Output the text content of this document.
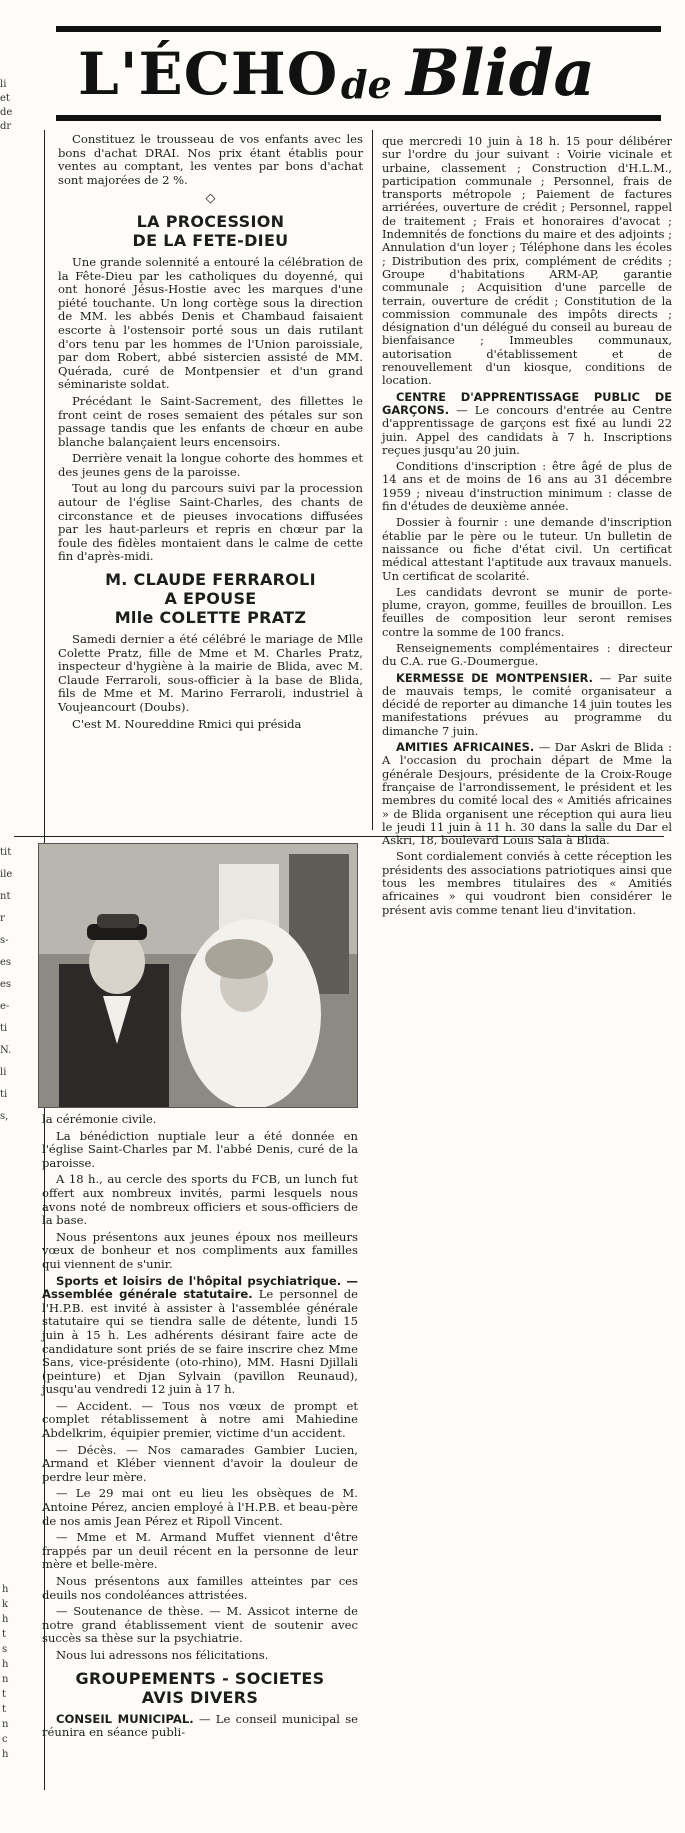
L'ÉCHO de Blida
li
et
de
dr
tit
ile
nt
r
s-
es
es
e-
ti
N.
li
ti
s,
h
k
h
t
s
h
n
t
t
n
c
h

Constituez le trousseau de vos enfants avec les bons d'achat DRAI. Nos prix étant établis pour ventes au comptant, les ventes par bons d'achat sont majorées de 2 %.

◇
LA PROCESSION
DE LA FETE-DIEU

Une grande solennité a entouré la célébration de la Fête-Dieu par les catholiques du doyenné, qui ont honoré Jésus-Hostie avec les marques d'une piété touchante. Un long cortège sous la direction de MM. les abbés Denis et Chambaud faisaient escorte à l'ostensoir porté sous un dais rutilant d'ors tenu par les hommes de l'Union paroissiale, par dom Robert, abbé sistercien assisté de MM. Quérada, curé de Montpensier et d'un grand séminariste soldat.

Précédant le Saint-Sacrement, des fillettes le front ceint de roses semaient des pétales sur son passage tandis que les enfants de chœur en aube blanche balançaient leurs encensoirs.

Derrière venait la longue cohorte des hommes et des jeunes gens de la paroisse.

Tout au long du parcours suivi par la procession autour de l'église Saint-Charles, des chants de circonstance et de pieuses invocations diffusées par les haut-parleurs et repris en chœur par la foule des fidèles montaient dans le calme de cette fin d'après-midi.

M. CLAUDE FERRAROLI
A EPOUSE
Mlle COLETTE PRATZ

Samedi dernier a été célébré le mariage de Mlle Colette Pratz, fille de Mme et M. Charles Pratz, inspecteur d'hygiène à la mairie de Blida, avec M. Claude Ferraroli, sous-officier à la base de Blida, fils de Mme et M. Marino Ferraroli, industriel à Voujeancourt (Doubs).

C'est M. Noureddine Rmici qui présida

que mercredi 10 juin à 18 h. 15 pour délibérer sur l'ordre du jour suivant : Voirie vicinale et urbaine, classement ; Construction d'H.L.M., participation communale ; Personnel, frais de transports métropole ; Paiement de factures arriérées, ouverture de crédit ; Personnel, rappel de traitement ; Frais et honoraires d'avocat ; Indemnités de fonctions du maire et des adjoints ; Annulation d'un loyer ; Téléphone dans les écoles ; Distribution des prix, complément de crédits ; Groupe d'habitations ARM-AP, garantie communale ; Acquisition d'une parcelle de terrain, ouverture de crédit ; Constitution de la commission communale des impôts directs ; désignation d'un délégué du conseil au bureau de bienfaisance ; Immeubles communaux, autorisation d'établissement et de renouvellement d'un kiosque, conditions de location.

CENTRE D'APPRENTISSAGE PUBLIC DE GARÇONS. — Le concours d'entrée au Centre d'apprentissage de garçons est fixé au lundi 22 juin. Appel des candidats à 7 h. Inscriptions reçues jusqu'au 20 juin.

Conditions d'inscription : être âgé de plus de 14 ans et de moins de 16 ans au 31 décembre 1959 ; niveau d'instruction minimum : classe de fin d'études de deuxième année.

Dossier à fournir : une demande d'inscription établie par le père ou le tuteur. Un bulletin de naissance ou fiche d'état civil. Un certificat médical attestant l'aptitude aux travaux manuels. Un certificat de scolarité.

Les candidats devront se munir de porte-plume, crayon, gomme, feuilles de brouillon. Les feuilles de composition leur seront remises contre la somme de 100 francs.

Renseignements complémentaires : directeur du C.A. rue G.-Doumergue.

KERMESSE DE MONTPENSIER. — Par suite de mauvais temps, le comité organisateur a décidé de reporter au dimanche 14 juin toutes les manifestations prévues au programme du dimanche 7 juin.

AMITIES AFRICAINES. — Dar Askri de Blida : A l'occasion du prochain départ de Mme la générale Desjours, présidente de la Croix-Rouge française de l'arrondissement, le président et les membres du comité local des « Amitiés africaines » de Blida organisent une réception qui aura lieu le jeudi 11 juin à 11 h. 30 dans la salle du Dar el Askri, 18, boulevard Louis Sala à Blida.

Sont cordialement conviés à cette réception les présidents des associations patriotiques ainsi que tous les membres titulaires des « Amitiés africaines » qui voudront bien considérer le présent avis comme tenant lieu d'invitation.

la cérémonie civile.

La bénédiction nuptiale leur a été donnée en l'église Saint-Charles par M. l'abbé Denis, curé de la paroisse.

A 18 h., au cercle des sports du FCB, un lunch fut offert aux nombreux invités, parmi lesquels nous avons noté de nombreux officiers et sous-officiers de la base.

Nous présentons aux jeunes époux nos meilleurs vœux de bonheur et nos compliments aux familles qui viennent de s'unir.

Sports et loisirs de l'hôpital psychiatrique. — Assemblée générale statutaire. Le personnel de l'H.P.B. est invité à assister à l'assemblée générale statutaire qui se tiendra salle de détente, lundi 15 juin à 15 h. Les adhérents désirant faire acte de candidature sont priés de se faire inscrire chez Mme Sans, vice-présidente (oto-rhino), MM. Hasni Djillali (peinture) et Djan Sylvain (pavillon Reunaud), jusqu'au vendredi 12 juin à 17 h.

— Accident. — Tous nos vœux de prompt et complet rétablissement à notre ami Mahiedine Abdelkrim, équipier premier, victime d'un accident.

— Décès. — Nos camarades Gambier Lucien, Armand et Kléber viennent d'avoir la douleur de perdre leur mère.

— Le 29 mai ont eu lieu les obsèques de M. Antoine Pérez, ancien employé à l'H.P.B. et beau-père de nos amis Jean Pérez et Ripoll Vincent.

— Mme et M. Armand Muffet viennent d'être frappés par un deuil récent en la personne de leur mère et belle-mère.

Nous présentons aux familles atteintes par ces deuils nos condoléances attristées.

— Soutenance de thèse. — M. Assicot interne de notre grand établissement vient de soutenir avec succès sa thèse sur la psychiatrie.

Nous lui adressons nos félicitations.

GROUPEMENTS - SOCIETES
AVIS DIVERS

CONSEIL MUNICIPAL. — Le conseil municipal se réunira en séance publi-
